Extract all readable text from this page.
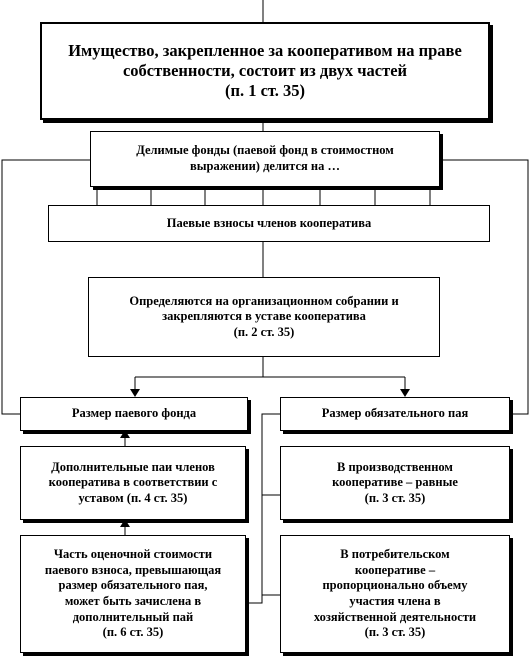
Имущество, закрепленное за кооперативом на праве
собственности, состоит из двух частей
(п. 1 ст. 35)
Делимые фонды (паевой фонд в стоимостном
выражении) делится на …
Паевые взносы членов кооператива
Определяются на организационном собрании и
закрепляются в уставе кооператива
(п. 2 ст. 35)
Размер паевого фонда	Размер обязательного пая
Дополнительные паи членов
кооператива в соответствии с
уставом (п. 4 ст. 35)
В производственном
кооперативе – равные
(п. 3 ст. 35)
Часть оценочной стоимости
паевого взноса, превышающая
размер обязательного пая,
может быть зачислена в
дополнительный пай
(п. 6 ст. 35)
В потребительском
кооперативе –
пропорционально объему
участия члена в
хозяйственной деятельности
(п. 3 ст. 35)
